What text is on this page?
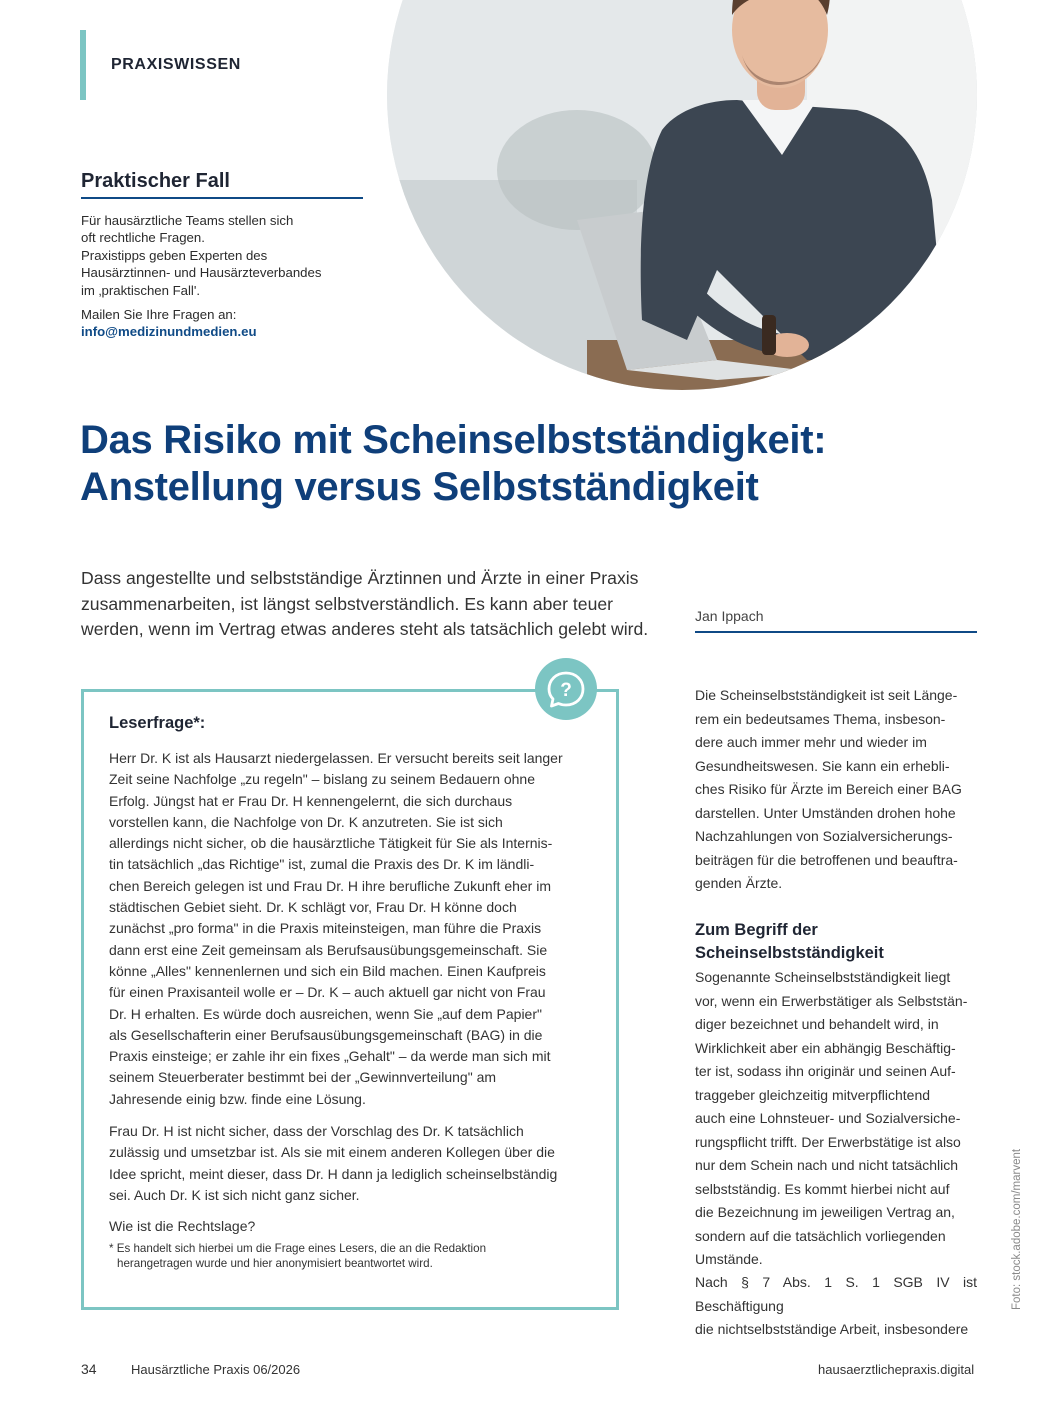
PRAXISWISSEN
Praktischer Fall
Für hausärztliche Teams stellen sich
oft rechtliche Fragen.
Praxistipps geben Experten des
Hausärztinnen- und Hausärzteverbandes
im ‚praktischen Fall'.
Mailen Sie Ihre Fragen an:
info@medizinundmedien.eu
Das Risiko mit Scheinselbstständigkeit:
Anstellung versus Selbstständigkeit
Dass angestellte und selbstständige Ärztinnen und Ärzte in einer Praxis
zusammenarbeiten, ist längst selbstverständlich. Es kann aber teuer
werden, wenn im Vertrag etwas anderes steht als tatsächlich gelebt wird.
Jan Ippach
?
Leserfrage*:
Herr Dr. K ist als Hausarzt niedergelassen. Er versucht bereits seit langer
Zeit seine Nachfolge „zu regeln" – bislang zu seinem Bedauern ohne
Erfolg. Jüngst hat er Frau Dr. H kennengelernt, die sich durchaus
vorstellen kann, die Nachfolge von Dr. K anzutreten. Sie ist sich
allerdings nicht sicher, ob die hausärztliche Tätigkeit für Sie als Internis-
tin tatsächlich „das Richtige" ist, zumal die Praxis des Dr. K im ländli-
chen Bereich gelegen ist und Frau Dr. H ihre berufliche Zukunft eher im
städtischen Gebiet sieht. Dr. K schlägt vor, Frau Dr. H könne doch
zunächst „pro forma" in die Praxis miteinsteigen, man führe die Praxis
dann erst eine Zeit gemeinsam als Berufsausübungsgemeinschaft. Sie
könne „Alles" kennenlernen und sich ein Bild machen. Einen Kaufpreis
für einen Praxisanteil wolle er – Dr. K – auch aktuell gar nicht von Frau
Dr. H erhalten. Es würde doch ausreichen, wenn Sie „auf dem Papier"
als Gesellschafterin einer Berufsausübungsgemeinschaft (BAG) in die
Praxis einsteige; er zahle ihr ein fixes „Gehalt" – da werde man sich mit
seinem Steuerberater bestimmt bei der „Gewinnverteilung" am
Jahresende einig bzw. finde eine Lösung.
Frau Dr. H ist nicht sicher, dass der Vorschlag des Dr. K tatsächlich
zulässig und umsetzbar ist. Als sie mit einem anderen Kollegen über die
Idee spricht, meint dieser, dass Dr. H dann ja lediglich scheinselbständig
sei. Auch Dr. K ist sich nicht ganz sicher.
Wie ist die Rechtslage?
* Es handelt sich hierbei um die Frage eines Lesers, die an die Redaktion
herangetragen wurde und hier anonymisiert beantwortet wird.
Die Scheinselbstständigkeit ist seit Länge-
rem ein bedeutsames Thema, insbeson-
dere auch immer mehr und wieder im
Gesundheitswesen. Sie kann ein erhebli-
ches Risiko für Ärzte im Bereich einer BAG
darstellen. Unter Umständen drohen hohe
Nachzahlungen von Sozialversicherungs-
beiträgen für die betroffenen und beauftra-
genden Ärzte.
Zum Begriff der
Scheinselbstständigkeit
Sogenannte Scheinselbstständigkeit liegt
vor, wenn ein Erwerbstätiger als Selbststän-
diger bezeichnet und behandelt wird, in
Wirklichkeit aber ein abhängig Beschäftig-
ter ist, sodass ihn originär und seinen Auf-
traggeber gleichzeitig mitverpflichtend
auch eine Lohnsteuer- und Sozialversiche-
rungspflicht trifft. Der Erwerbstätige ist also
nur dem Schein nach und nicht tatsächlich
selbstständig. Es kommt hierbei nicht auf
die Bezeichnung im jeweiligen Vertrag an,
sondern auf die tatsächlich vorliegenden
Umstände.
Nach § 7 Abs. 1 S. 1 SGB IV ist Beschäftigung
die nichtselbstständige Arbeit, insbesondere
Foto: stock.adobe.com/marvent
34	Hausärztliche Praxis 06/2026	hausaerztlichepraxis.digital
